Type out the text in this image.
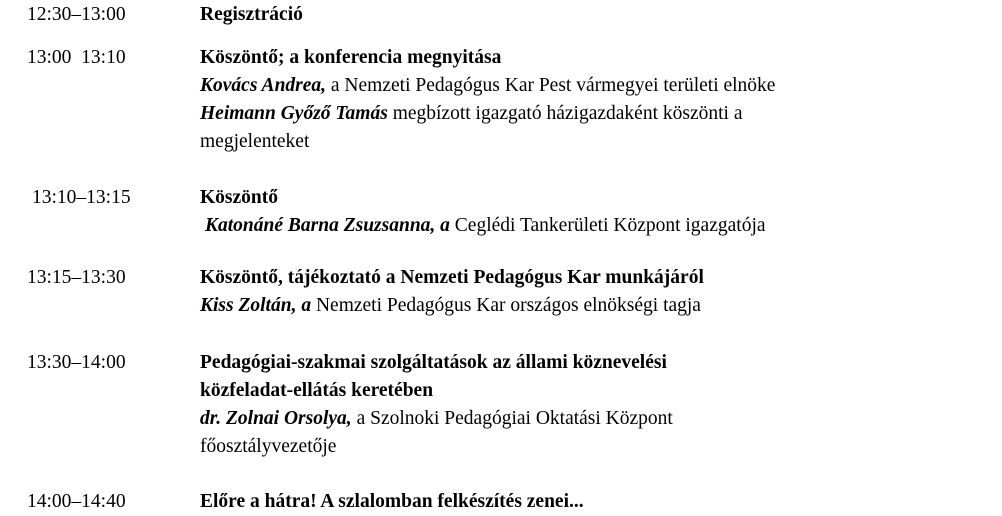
12:30–13:00	Regisztráció
13:00  13:10	Köszöntő; a konferencia megnyitása
Kovács Andrea, a Nemzeti Pedagógus Kar Pest vármegyei területi elnöke
Heimann Győző Tamás megbízott igazgató házigazdaként köszönti a
megjelenteket
13:10–13:15	Köszöntő
Katonáné Barna Zsuzsanna, a Ceglédi Tankerületi Központ igazgatója
13:15–13:30	Köszöntő, tájékoztató a Nemzeti Pedagógus Kar munkájáról
Kiss Zoltán, a Nemzeti Pedagógus Kar országos elnökségi tagja
13:30–14:00	Pedagógiai-szakmai szolgáltatások az állami köznevelési
közfeladat-ellátás keretében
dr. Zolnai Orsolya, a Szolnoki Pedagógiai Oktatási Központ
főosztályvezetője
14:00–14:40	Előre a hátra! A szlalomban felkészítés zenei...
